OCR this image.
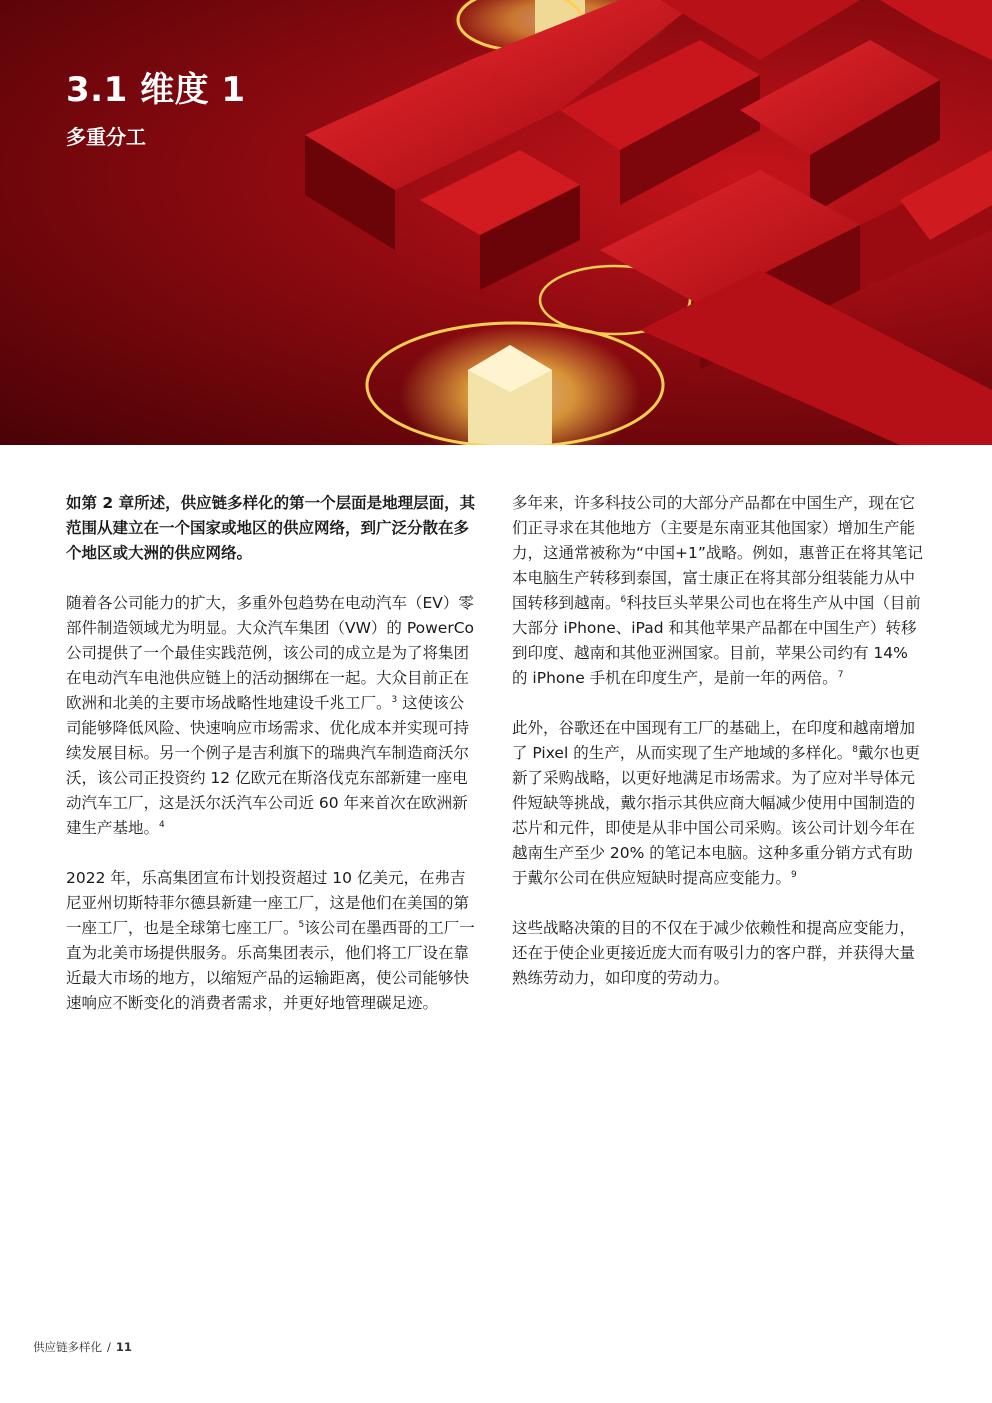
3.1 维度 1
多重分工

如第 2 章所述，供应链多样化的第一个层面是地理层面，其范围从建立在一个国家或地区的供应网络，到广泛分散在多个地区或大洲的供应网络。

随着各公司能力的扩大，多重外包趋势在电动汽车（EV）零部件制造领域尤为明显。大众汽车集团（VW）的 PowerCo 公司提供了一个最佳实践范例，该公司的成立是为了将集团在电动汽车电池供应链上的活动捆绑在一起。大众目前正在欧洲和北美的主要市场战略性地建设千兆工厂。$^3$ 这使该公司能够降低风险、快速响应市场需求、优化成本并实现可持续发展目标。另一个例子是吉利旗下的瑞典汽车制造商沃尔沃，该公司正投资约 12 亿欧元在斯洛伐克东部新建一座电动汽车工厂，这是沃尔沃汽车公司近 60 年来首次在欧洲新建生产基地。$^4$

2022 年，乐高集团宣布计划投资超过 10 亿美元，在弗吉尼亚州切斯特菲尔德县新建一座工厂，这是他们在美国的第一座工厂，也是全球第七座工厂。$^5$该公司在墨西哥的工厂一直为北美市场提供服务。乐高集团表示，他们将工厂设在靠近最大市场的地方，以缩短产品的运输距离，使公司能够快速响应不断变化的消费者需求，并更好地管理碳足迹。

多年来，许多科技公司的大部分产品都在中国生产，现在它们正寻求在其他地方（主要是东南亚其他国家）增加生产能力，这通常被称为“中国+1”战略。例如，惠普正在将其笔记本电脑生产转移到泰国，富士康正在将其部分组装能力从中国转移到越南。$^6$科技巨头苹果公司也在将生产从中国（目前大部分 iPhone、iPad 和其他苹果产品都在中国生产）转移到印度、越南和其他亚洲国家。目前，苹果公司约有 14% 的 iPhone 手机在印度生产，是前一年的两倍。$^7$

此外，谷歌还在中国现有工厂的基础上，在印度和越南增加了 Pixel 的生产，从而实现了生产地域的多样化。$^8$戴尔也更新了采购战略，以更好地满足市场需求。为了应对半导体元件短缺等挑战，戴尔指示其供应商大幅减少使用中国制造的芯片和元件，即使是从非中国公司采购。该公司计划今年在越南生产至少 20% 的笔记本电脑。这种多重分销方式有助于戴尔公司在供应短缺时提高应变能力。$^9$

这些战略决策的目的不仅在于减少依赖性和提高应变能力，还在于使企业更接近庞大而有吸引力的客户群，并获得大量熟练劳动力，如印度的劳动力。

供应链多样化 / 11
